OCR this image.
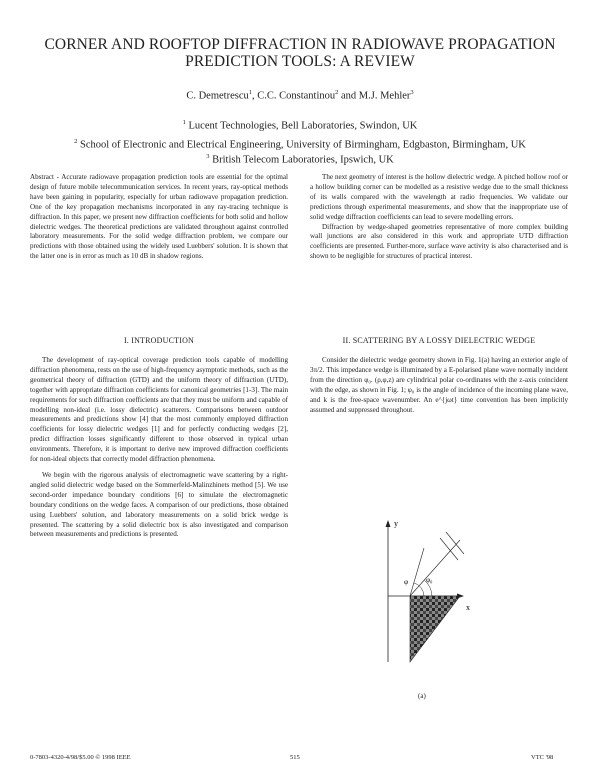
CORNER AND ROOFTOP DIFFRACTION IN RADIOWAVE PROPAGATION PREDICTION TOOLS: A REVIEW
C. Demetrescu$^1$, C.C. Constantinou$^2$ and M.J. Mehler$^3$
$^1$ Lucent Technologies, Bell Laboratories, Swindon, UK
$^2$ School of Electronic and Electrical Engineering, University of Birmingham, Edgbaston, Birmingham, UK
$^3$ British Telecom Laboratories, Ipswich, UK

Abstract - Accurate radiowave propagation prediction tools are essential for the optimal design of future mobile telecommunication services. In recent years, ray-optical methods have been gaining in popularity, especially for urban radiowave propagation prediction. One of the key propagation mechanisms incorporated in any ray-tracing technique is diffraction. In this paper, we present new diffraction coefficients for both solid and hollow dielectric wedges. The theoretical predictions are validated throughout against controlled laboratory measurements. For the solid wedge diffraction problem, we compare our predictions with those obtained using the widely used Luebbers' solution. It is shown that the latter one is in error as much as 10 dB in shadow regions.

The next geometry of interest is the hollow dielectric wedge. A pitched hollow roof or a hollow building corner can be modelled as a resistive wedge due to the small thickness of its walls compared with the wavelength at radio frequencies. We validate our predictions through experimental measurements, and show that the inappropriate use of solid wedge diffraction coefficients can lead to severe modelling errors.

Diffraction by wedge-shaped geometries representative of more complex building wall junctions are also considered in this work and appropriate UTD diffraction coefficients are presented. Further-more, surface wave activity is also characterised and is shown to be negligible for structures of practical interest.

I. INTRODUCTION

The development of ray-optical coverage prediction tools capable of modelling diffraction phenomena, rests on the use of high-frequency asymptotic methods, such as the geometrical theory of diffraction (GTD) and the uniform theory of diffraction (UTD), together with appropriate diffraction coefficients for canonical geometries [1-3]. The main requirements for such diffraction coefficients are that they must be uniform and capable of modelling non-ideal (i.e. lossy dielectric) scatterers. Comparisons between outdoor measurements and predictions show [4] that the most commonly employed diffraction coefficients for lossy dielectric wedges [1] and for perfectly conducting wedges [2], predict diffraction losses significantly different to those observed in typical urban environments. Therefore, it is important to derive new improved diffraction coefficients for non-ideal objects that correctly model diffraction phenomena.

We begin with the rigorous analysis of electromagnetic wave scattering by a right-angled solid dielectric wedge based on the Sommerfeld-Malinzhinets method [5]. We use second-order impedance boundary conditions [6] to simulate the electromagnetic boundary conditions on the wedge faces. A comparison of our predictions, those obtained using Luebbers' solution, and laboratory measurements on a solid brick wedge is presented. The scattering by a solid dielectric box is also investigated and comparison between measurements and predictions is presented.

II. SCATTERING BY A LOSSY DIELECTRIC WEDGE

Consider the dielectric wedge geometry shown in Fig. 1(a) having an exterior angle of 3π/2. This impedance wedge is illuminated by a E-polarised plane wave normally incident from the direction φ₀. (ρ,φ,z) are cylindrical polar co-ordinates with the z-axis coincident with the edge, as shown in Fig. 1; φ₀ is the angle of incidence of the incoming plane wave, and k is the free-space wavenumber. An e^{jωt} time convention has been implicitly assumed and suppressed throughout.

y
x
φ	φ₀
(a)
0-7803-4320-4/98/$5.00 © 1998 IEEE	515	VTC '98
